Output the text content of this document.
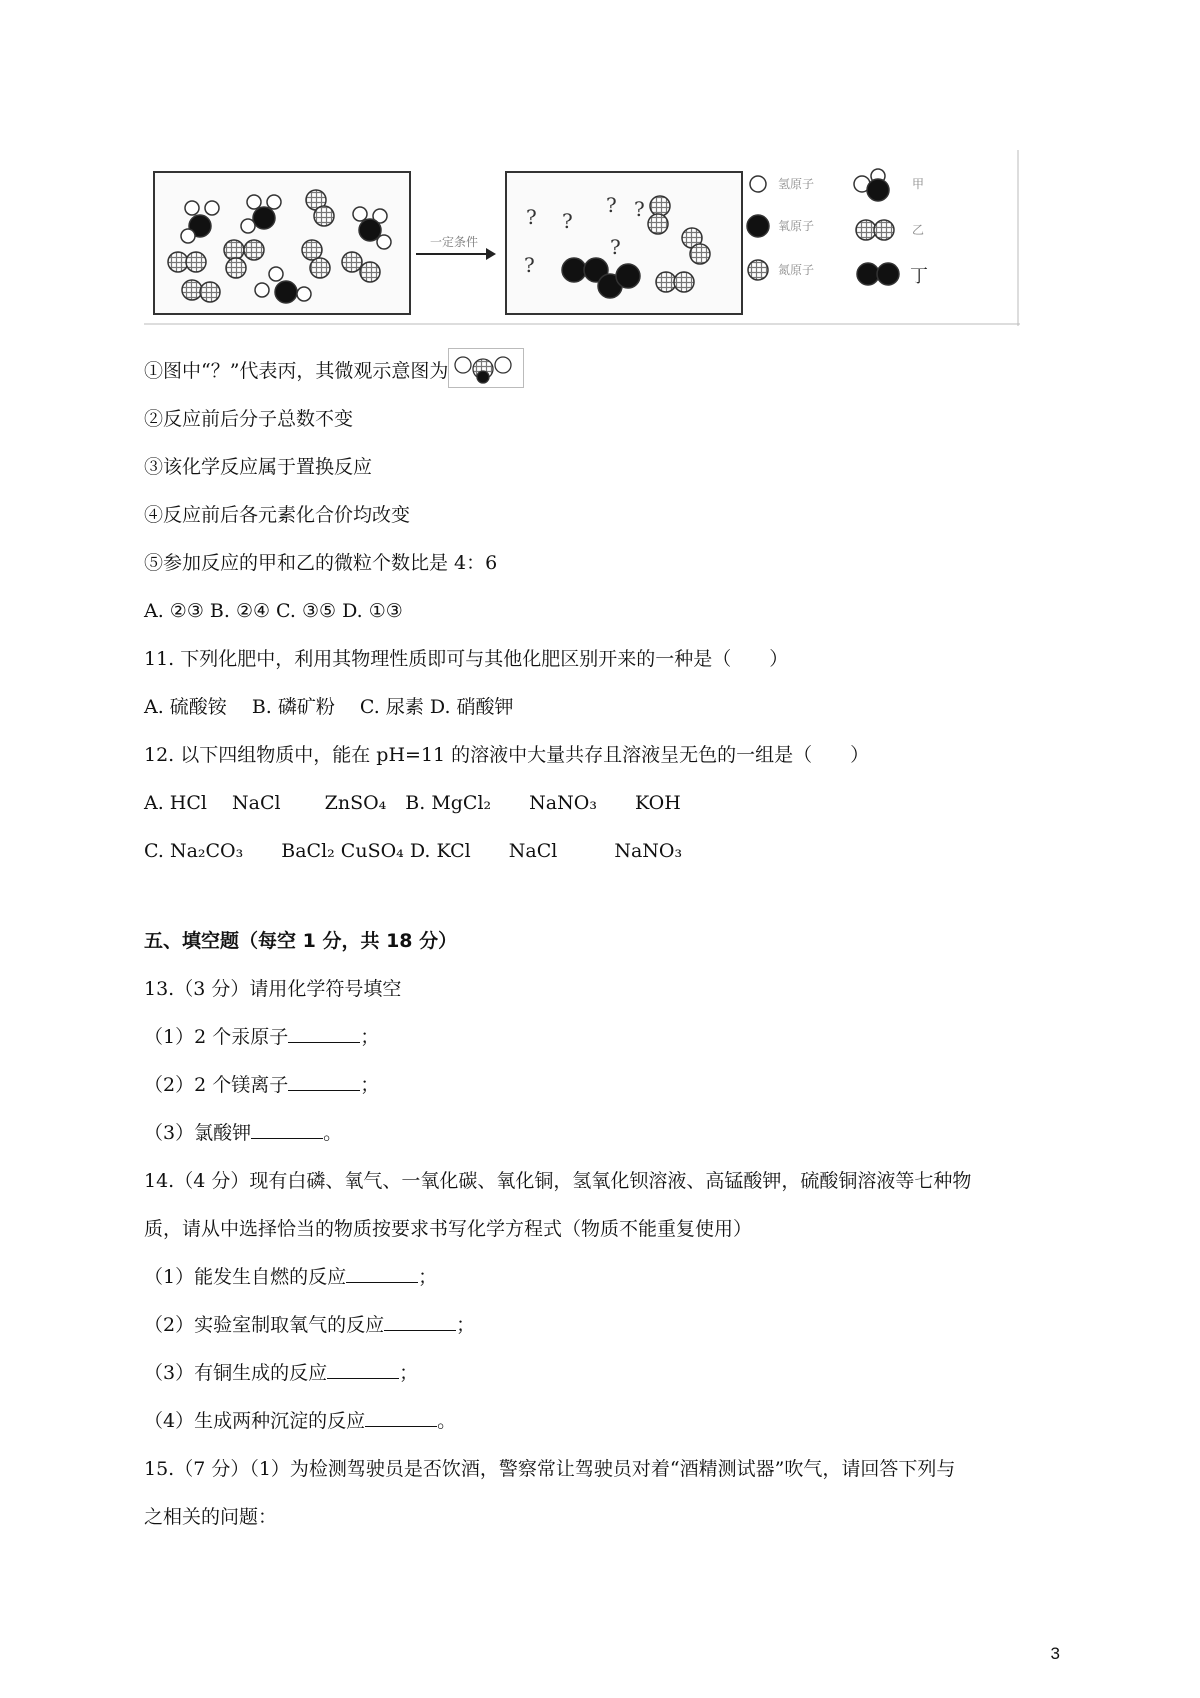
一定条件
? ?
? ?
?
?
氢原子
氧原子
氮原子
甲
乙
丁
①图中“？”代表丙，其微观示意图为
②反应前后分子总数不变
③该化学反应属于置换反应
④反应前后各元素化合价均改变
⑤参加反应的甲和乙的微粒个数比是 4：6
A. ②③ B. ②④ C. ③⑤ D. ①③
11. 下列化肥中，利用其物理性质即可与其他化肥区别开来的一种是（　　）
A. 硫酸铵　 B. 磷矿粉　 C. 尿素 D. 硝酸钾
12. 以下四组物质中，能在 pH=11 的溶液中大量共存且溶液呈无色的一组是（　　）
A. HCl　 NaCl　　 ZnSO₄　B. MgCl₂　　NaNO₃　　KOH
C. Na₂CO₃　　BaCl₂ CuSO₄ D. KCl　　NaCl　　　NaNO₃
五、填空题（每空 1 分，共 18 分）
13.（3 分）请用化学符号填空
（1）2 个汞原子	；
（2）2 个镁离子	；
（3）氯酸钾	。
14.（4 分）现有白磷、氧气、一氧化碳、氧化铜，氢氧化钡溶液、高锰酸钾，硫酸铜溶液等七种物
质，请从中选择恰当的物质按要求书写化学方程式（物质不能重复使用）
（1）能发生自燃的反应	；
（2）实验室制取氧气的反应	；
（3）有铜生成的反应	；
（4）生成两种沉淀的反应	。
15.（7 分）（1）为检测驾驶员是否饮酒，警察常让驾驶员对着“酒精测试器”吹气，请回答下列与
之相关的问题：
3
